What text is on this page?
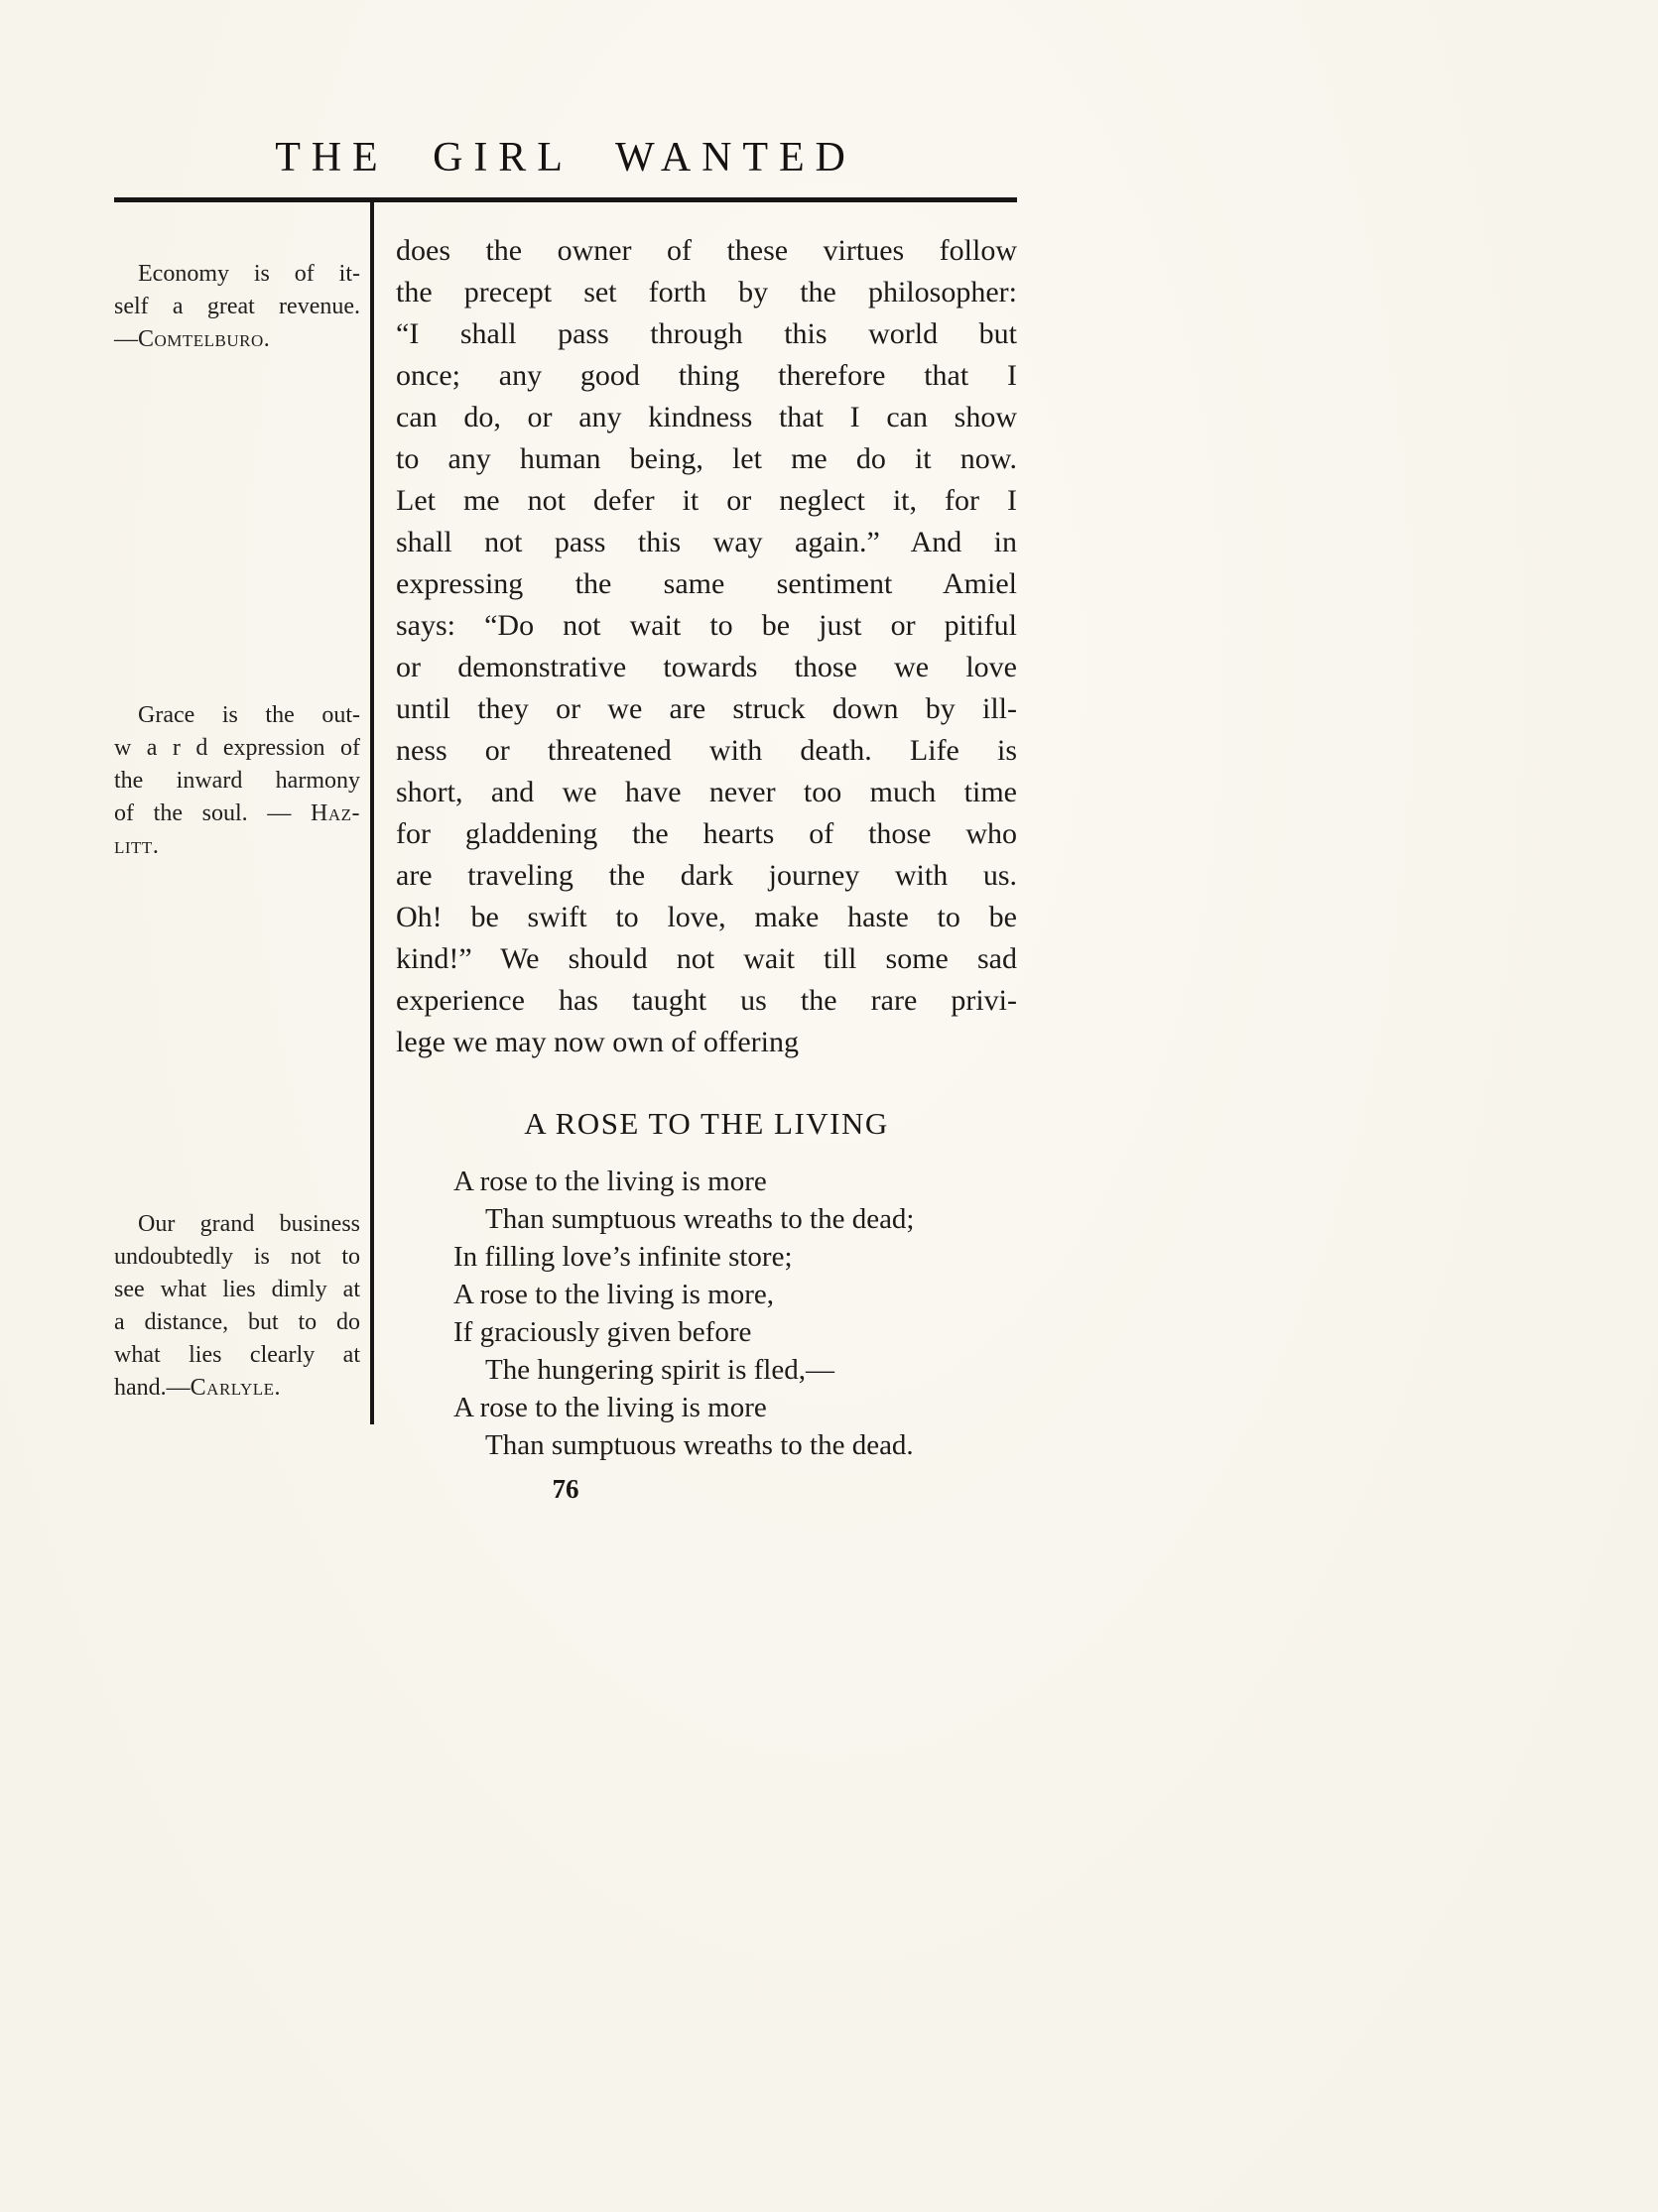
THE GIRL WANTED
Economy is of it-
self a great revenue.
—Comtelburo.
Grace is the out-
w a r d expression of
the inward harmony
of the soul. — Haz-
litt.
Our grand business
undoubtedly is not to
see what lies dimly at
a distance, but to do
what lies clearly at
hand.—Carlyle.
does the owner of these virtues follow
the precept set forth by the philosopher:
“I shall pass through this world but
once; any good thing therefore that I
can do, or any kindness that I can show
to any human being, let me do it now.
Let me not defer it or neglect it, for I
shall not pass this way again.” And in
expressing the same sentiment Amiel
says: “Do not wait to be just or pitiful
or demonstrative towards those we love
until they or we are struck down by ill-
ness or threatened with death. Life is
short, and we have never too much time
for gladdening the hearts of those who
are traveling the dark journey with us.
Oh! be swift to love, make haste to be
kind!” We should not wait till some sad
experience has taught us the rare privi-
lege we may now own of offering
A ROSE TO THE LIVING
A rose to the living is more
Than sumptuous wreaths to the dead;
In filling love’s infinite store;
A rose to the living is more,
If graciously given before
The hungering spirit is fled,—
A rose to the living is more
Than sumptuous wreaths to the dead.
76
